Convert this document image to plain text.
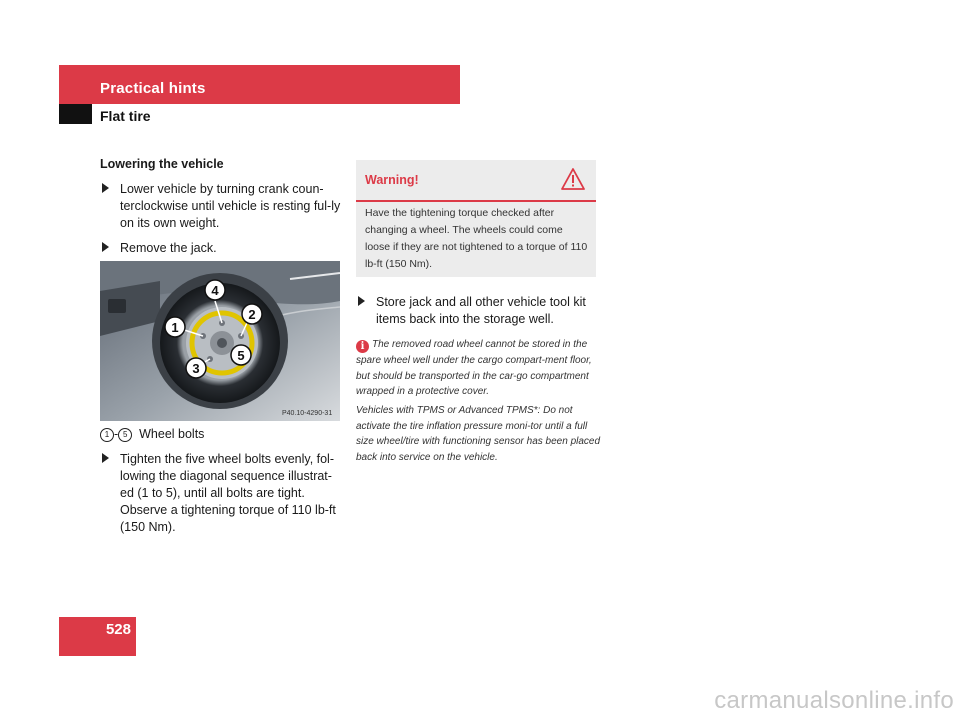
Practical hints
Flat tire
Lowering the vehicle
Lower vehicle by turning crank coun-terclockwise until vehicle is resting ful-ly on its own weight.
Remove the jack.
4
2
1
5
3
P40.10-4290-31
1 - 5 Wheel bolts
Tighten the five wheel bolts evenly, fol-lowing the diagonal sequence illustrat-ed (1 to 5), until all bolts are tight. Observe a tightening torque of 110 lb-ft (150 Nm).
Warning!
Have the tightening torque checked after changing a wheel. The wheels could come loose if they are not tightened to a torque of 110 lb-ft (150 Nm).
Store jack and all other vehicle tool kit items back into the storage well.
i The removed road wheel cannot be stored in the spare wheel well under the cargo compart-ment floor, but should be transported in the car-go compartment wrapped in a protective cover.
Vehicles with TPMS or Advanced TPMS*: Do not activate the tire inflation pressure moni-tor until a full size wheel/tire with functioning sensor has been placed back into service on the vehicle.
528
carmanualsonline.info
